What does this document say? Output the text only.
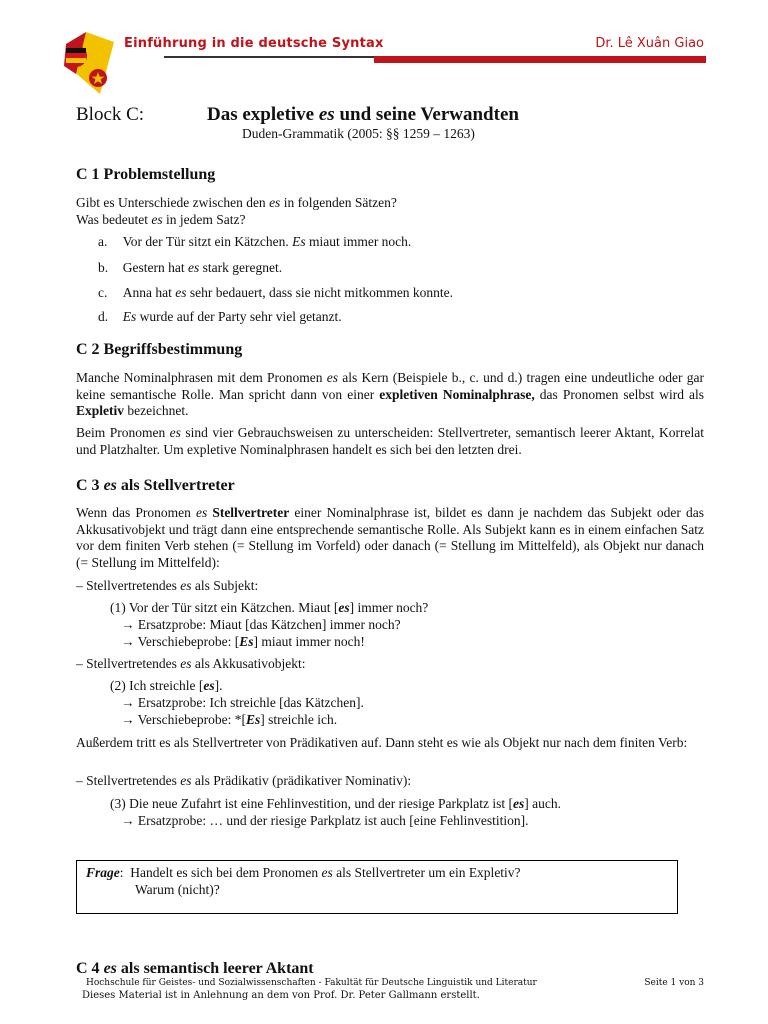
Einführung in die deutsche Syntax	Dr. Lê Xuân Giao
Block C:	Das expletive es und seine Verwandten
Duden-Grammatik (2005: §§ 1259 – 1263)
C 1 Problemstellung
Gibt es Unterschiede zwischen den es in folgenden Sätzen?
Was bedeutet es in jedem Satz?
a. Vor der Tür sitzt ein Kätzchen. Es miaut immer noch.
b. Gestern hat es stark geregnet.
c. Anna hat es sehr bedauert, dass sie nicht mitkommen konnte.
d. Es wurde auf der Party sehr viel getanzt.
C 2 Begriffsbestimmung
Manche Nominalphrasen mit dem Pronomen es als Kern (Beispiele b., c. und d.) tragen eine undeutliche oder gar keine semantische Rolle. Man spricht dann von einer expletiven Nominalphrase, das Pronomen selbst wird als Expletiv bezeichnet.
Beim Pronomen es sind vier Gebrauchsweisen zu unterscheiden: Stellvertreter, semantisch leerer Aktant, Korrelat und Platzhalter. Um expletive Nominalphrasen handelt es sich bei den letzten drei.
C 3 es als Stellvertreter
Wenn das Pronomen es Stellvertreter einer Nominalphrase ist, bildet es dann je nachdem das Subjekt oder das Akkusativobjekt und trägt dann eine entsprechende semantische Rolle. Als Subjekt kann es in einem einfachen Satz vor dem finiten Verb stehen (= Stellung im Vorfeld) oder danach (= Stellung im Mittelfeld), als Objekt nur danach (= Stellung im Mittelfeld):
– Stellvertretendes es als Subjekt:
(1) Vor der Tür sitzt ein Kätzchen. Miaut [es] immer noch?
→ Ersatzprobe: Miaut [das Kätzchen] immer noch?
→ Verschiebeprobe: [Es] miaut immer noch!
– Stellvertretendes es als Akkusativobjekt:
(2) Ich streichle [es].
→ Ersatzprobe: Ich streichle [das Kätzchen].
→ Verschiebeprobe: *[Es] streichle ich.
Außerdem tritt es als Stellvertreter von Prädikativen auf. Dann steht es wie als Objekt nur nach dem finiten Verb:
– Stellvertretendes es als Prädikativ (prädikativer Nominativ):
(3) Die neue Zufahrt ist eine Fehlinvestition, und der riesige Parkplatz ist [es] auch.
→ Ersatzprobe: … und der riesige Parkplatz ist auch [eine Fehlinvestition].
Frage: Handelt es sich bei dem Pronomen es als Stellvertreter um ein Expletiv?
Warum (nicht)?
C 4 es als semantisch leerer Aktant
Hochschule für Geistes- und Sozialwissenschaften - Fakultät für Deutsche Linguistik und Literatur	Seite 1 von 3
Dieses Material ist in Anlehnung an dem von Prof. Dr. Peter Gallmann erstellt.
